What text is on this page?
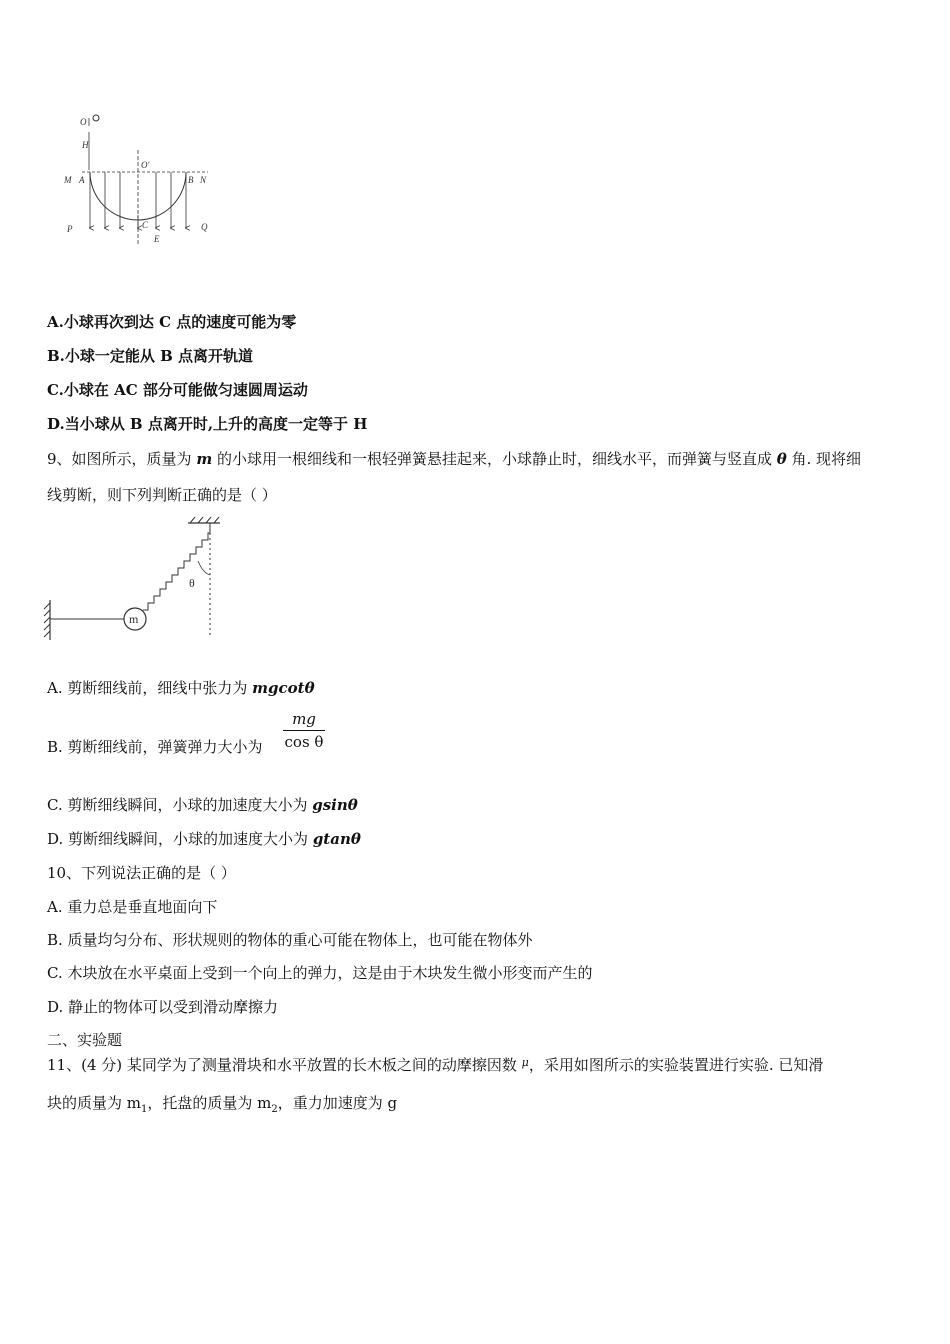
O
H
O'
M A	B N
C
E
P	Q
A.小球再次到达 C 点的速度可能为零
B.小球一定能从 B 点离开轨道
C.小球在 AC 部分可能做匀速圆周运动
D.当小球从 B 点离开时,上升的高度一定等于 H
9、如图所示，质量为 m 的小球用一根细线和一根轻弹簧悬挂起来，小球静止时，细线水平，而弹簧与竖直成 θ 角. 现将细
线剪断，则下列判断正确的是（ ）
m
θ
A. 剪断细线前，细线中张力为 mgcotθ
B. 剪断细线前，弹簧弹力大小为
mg
cos θ
C. 剪断细线瞬间，小球的加速度大小为 gsinθ
D. 剪断细线瞬间，小球的加速度大小为 gtanθ
10、下列说法正确的是（ ）
A. 重力总是垂直地面向下
B. 质量均匀分布、形状规则的物体的重心可能在物体上，也可能在物体外
C. 木块放在水平桌面上受到一个向上的弹力，这是由于木块发生微小形变而产生的
D. 静止的物体可以受到滑动摩擦力
二、实验题
11、(4 分) 某同学为了测量滑块和水平放置的长木板之间的动摩擦因数 $^\mu$，采用如图所示的实验装置进行实验. 已知滑
块的质量为 $m_1$，托盘的质量为 $m_2$，重力加速度为 g
